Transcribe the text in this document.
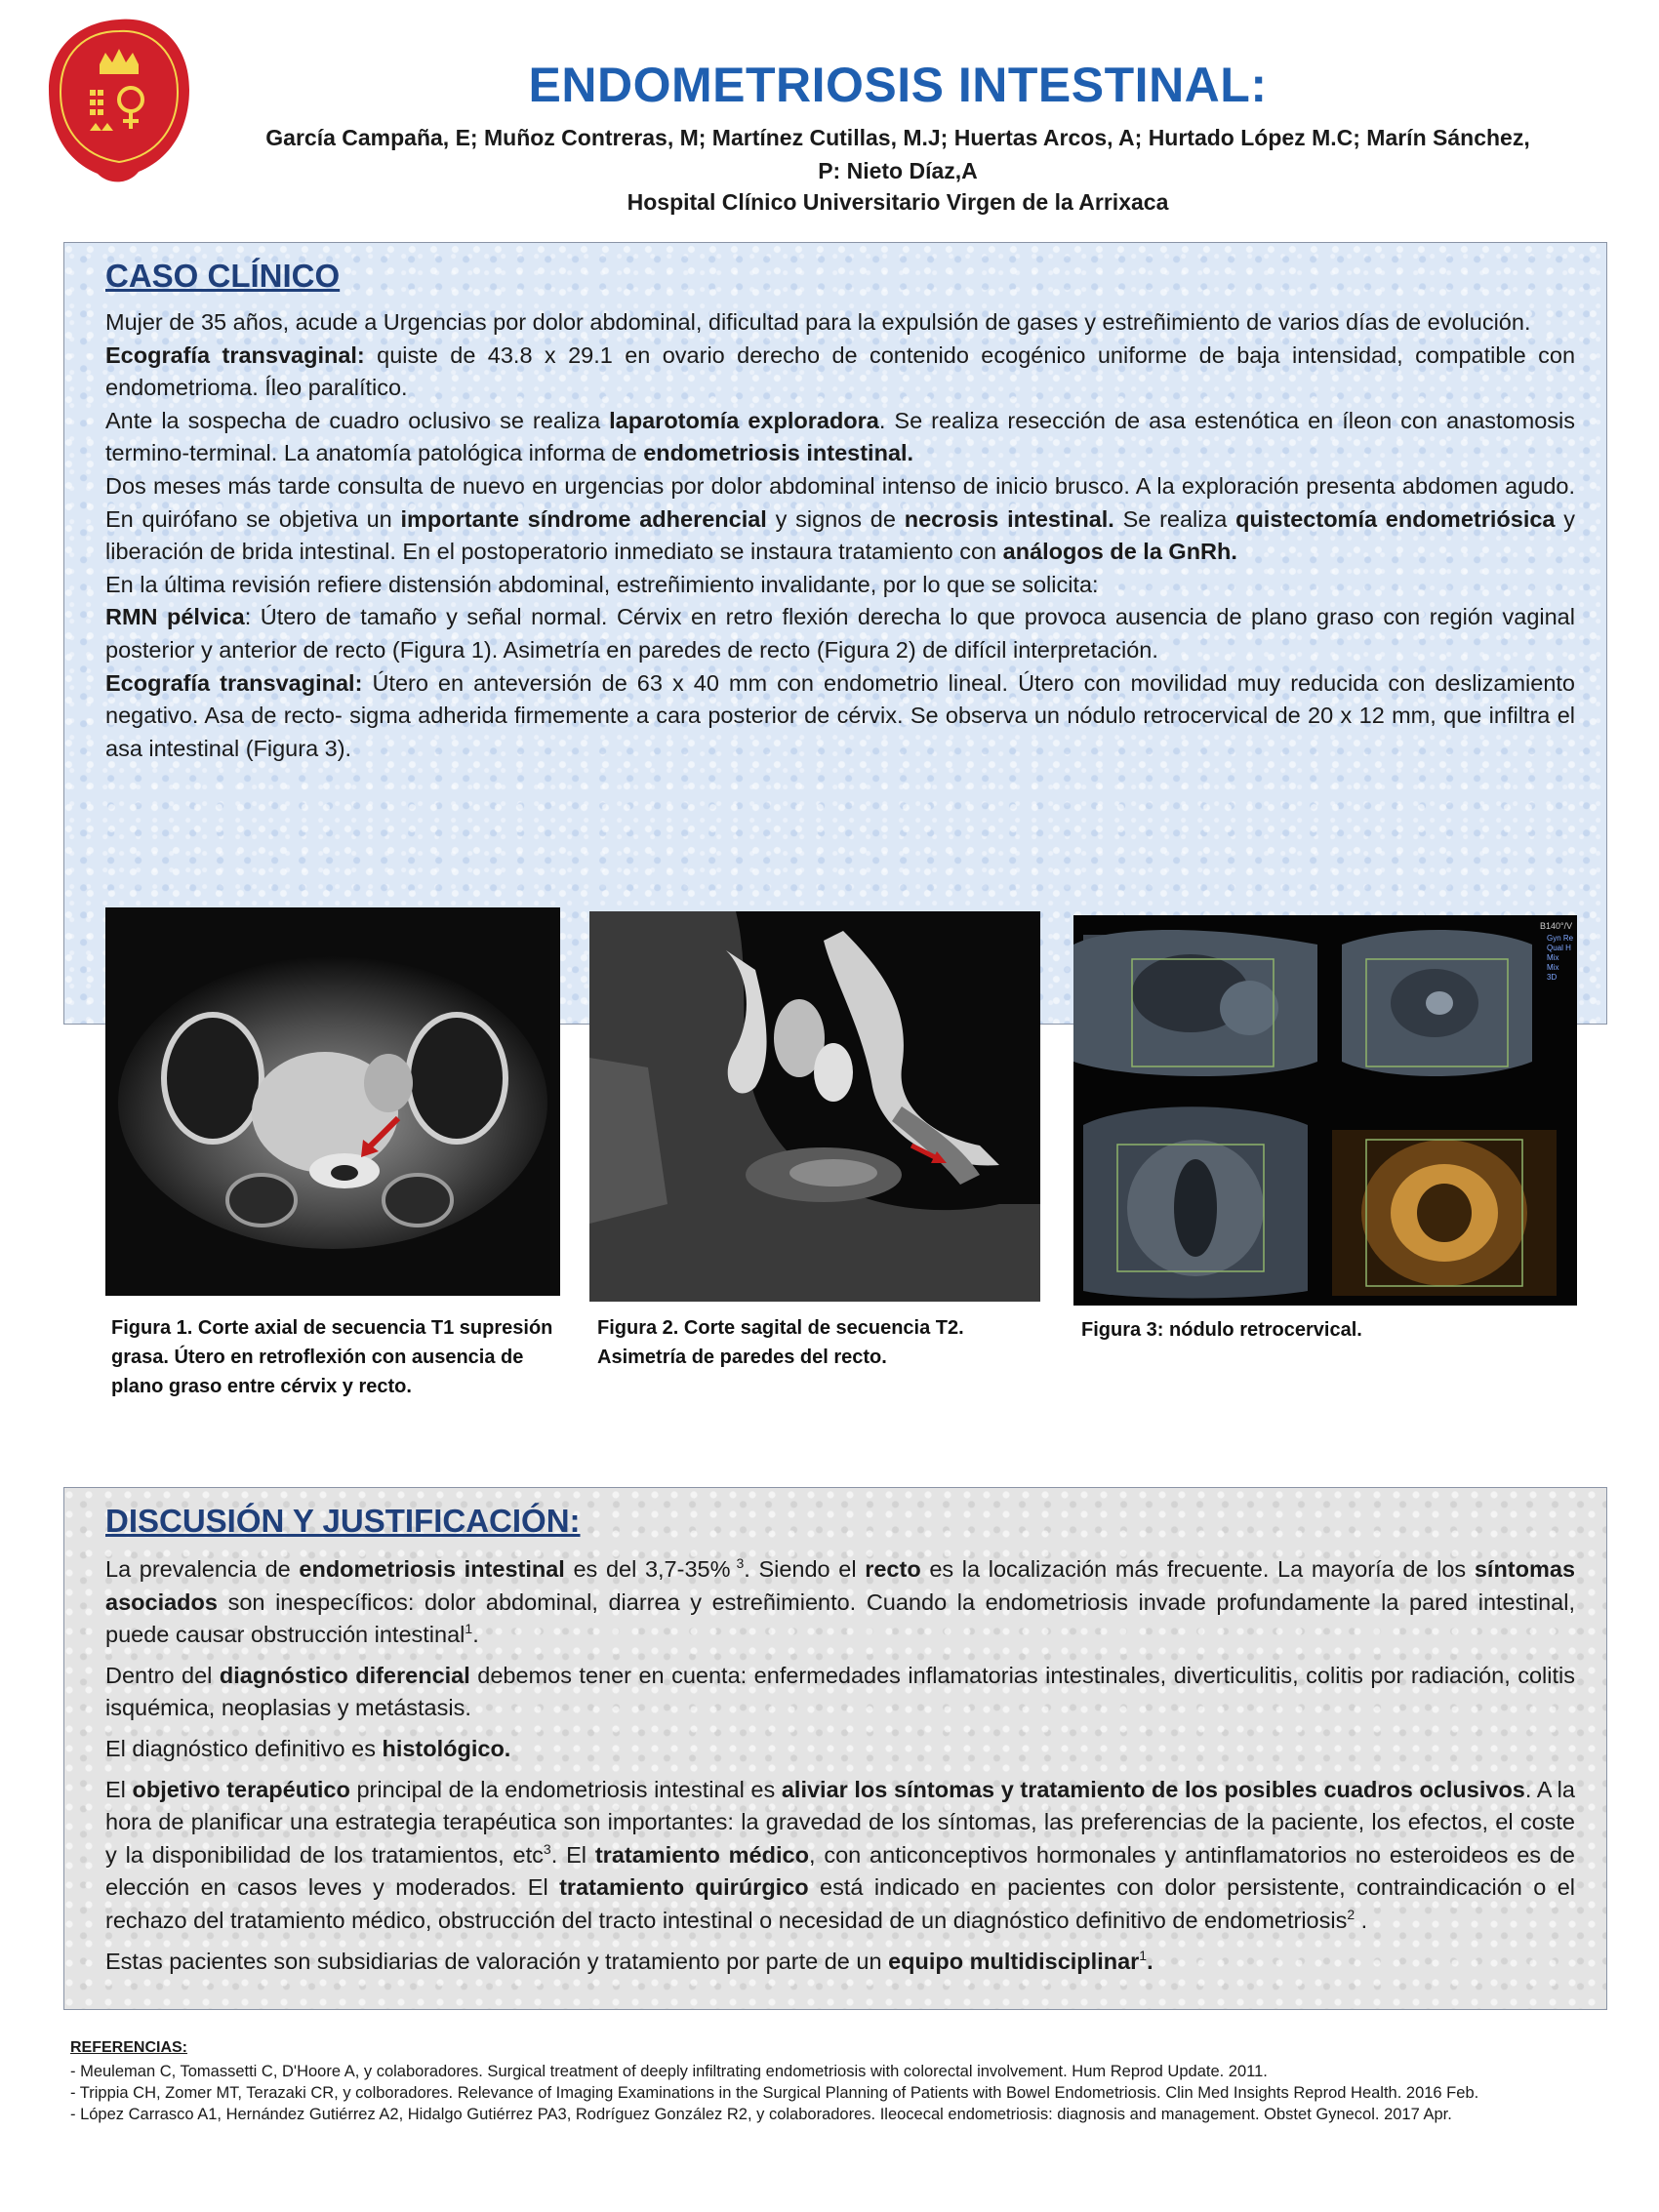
ENDOMETRIOSIS INTESTINAL:
García Campaña, E; Muñoz Contreras, M; Martínez Cutillas, M.J; Huertas Arcos, A; Hurtado López M.C; Marín Sánchez,
P: Nieto Díaz,A
Hospital Clínico Universitario Virgen de la Arrixaca
CASO CLÍNICO

Mujer de 35 años, acude a Urgencias por dolor abdominal, dificultad para la expulsión de gases y estreñimiento de varios días de evolución.

Ecografía transvaginal: quiste de 43.8 x 29.1 en ovario derecho de contenido ecogénico uniforme de baja intensidad, compatible con endometrioma. Íleo paralítico.

Ante la sospecha de cuadro oclusivo se realiza laparotomía exploradora. Se realiza resección de asa estenótica en íleon con anastomosis termino-terminal. La anatomía patológica informa de endometriosis intestinal.

Dos meses más tarde consulta de nuevo en urgencias por dolor abdominal intenso de inicio brusco. A la exploración presenta abdomen agudo. En quirófano se objetiva un importante síndrome adherencial y signos de necrosis intestinal. Se realiza quistectomía endometriósica y liberación de brida intestinal. En el postoperatorio inmediato se instaura tratamiento con análogos de la GnRh.

En la última revisión refiere distensión abdominal, estreñimiento invalidante, por lo que se solicita:

RMN pélvica: Útero de tamaño y señal normal. Cérvix en retro flexión derecha lo que provoca ausencia de plano graso con región vaginal posterior y anterior de recto (Figura 1). Asimetría en paredes de recto (Figura 2) de difícil interpretación.

Ecografía transvaginal: Útero en anteversión de 63 x 40 mm con endometrio lineal. Útero con movilidad muy reducida con deslizamiento negativo. Asa de recto- sigma adherida firmemente a cara posterior de cérvix. Se observa un nódulo retrocervical de 20 x 12 mm, que infiltra el asa intestinal (Figura 3).

B140°/V
Gyn Re
Qual H
Mix
Mix
3D
Figura 1. Corte axial de secuencia T1 supresión grasa. Útero en retroflexión con ausencia de plano graso entre cérvix y recto.
Figura 2. Corte sagital de secuencia T2. Asimetría de paredes del recto.
Figura 3: nódulo retrocervical.
DISCUSIÓN Y JUSTIFICACIÓN:

La prevalencia de endometriosis intestinal es del 3,7-35% $^3$. Siendo el recto es la localización más frecuente. La mayoría de los síntomas asociados son inespecíficos: dolor abdominal, diarrea y estreñimiento. Cuando la endometriosis invade profundamente la pared intestinal, puede causar obstrucción intestinal$^1$.

Dentro del diagnóstico diferencial debemos tener en cuenta: enfermedades inflamatorias intestinales, diverticulitis, colitis por radiación, colitis isquémica, neoplasias y metástasis.

El diagnóstico definitivo es histológico.

El objetivo terapéutico principal de la endometriosis intestinal es aliviar los síntomas y tratamiento de los posibles cuadros oclusivos. A la hora de planificar una estrategia terapéutica son importantes: la gravedad de los síntomas, las preferencias de la paciente, los efectos, el coste y la disponibilidad de los tratamientos, etc$^3$. El tratamiento médico, con anticonceptivos hormonales y antinflamatorios no esteroideos es de elección en casos leves y moderados. El tratamiento quirúrgico está indicado en pacientes con dolor persistente, contraindicación o el rechazo del tratamiento médico, obstrucción del tracto intestinal o necesidad de un diagnóstico definitivo de endometriosis$^2$ .

Estas pacientes son subsidiarias de valoración y tratamiento por parte de un equipo multidisciplinar$^1$.

REFERENCIAS:
- Meuleman C, Tomassetti C, D'Hoore A, y colaboradores. Surgical treatment of deeply infiltrating endometriosis with colorectal involvement. Hum Reprod Update. 2011.
- Trippia CH, Zomer MT, Terazaki CR, y colboradores. Relevance of Imaging Examinations in the Surgical Planning of Patients with Bowel Endometriosis. Clin Med Insights Reprod Health. 2016 Feb.
- López Carrasco A1, Hernández Gutiérrez A2, Hidalgo Gutiérrez PA3, Rodríguez González R2, y colaboradores. Ileocecal endometriosis: diagnosis and management. Obstet Gynecol. 2017 Apr.
